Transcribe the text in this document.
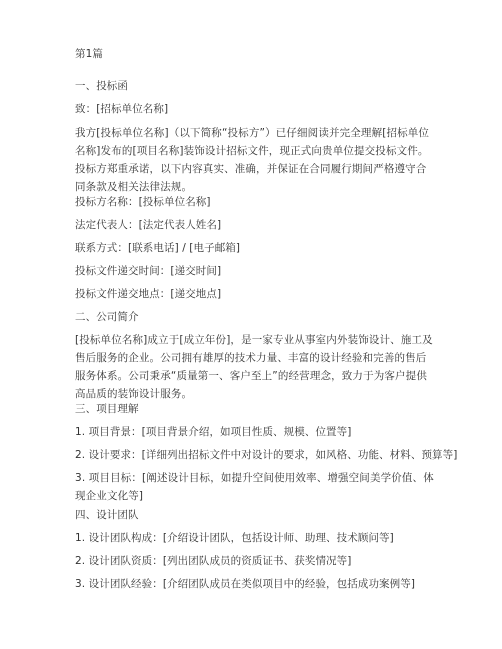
第1篇
一、投标函
致：[招标单位名称]
我方[投标单位名称]（以下简称“投标方”）已仔细阅读并完全理解[招标单位名称]发布的[项目名称]装饰设计招标文件，现正式向贵单位提交投标文件。投标方郑重承诺，以下内容真实、准确，并保证在合同履行期间严格遵守合同条款及相关法律法规。
投标方名称：[投标单位名称]
法定代表人：[法定代表人姓名]
联系方式：[联系电话] / [电子邮箱]
投标文件递交时间：[递交时间]
投标文件递交地点：[递交地点]
二、公司简介
[投标单位名称]成立于[成立年份]，是一家专业从事室内外装饰设计、施工及售后服务的企业。公司拥有雄厚的技术力量、丰富的设计经验和完善的售后服务体系。公司秉承“质量第一、客户至上”的经营理念，致力于为客户提供高品质的装饰设计服务。
三、项目理解
1. 项目背景：[项目背景介绍，如项目性质、规模、位置等]
2. 设计要求：[详细列出招标文件中对设计的要求，如风格、功能、材料、预算等]
3. 项目目标：[阐述设计目标，如提升空间使用效率、增强空间美学价值、体现企业文化等]
四、设计团队
1. 设计团队构成：[介绍设计团队，包括设计师、助理、技术顾问等]
2. 设计团队资质：[列出团队成员的资质证书、获奖情况等]
3. 设计团队经验：[介绍团队成员在类似项目中的经验，包括成功案例等]
